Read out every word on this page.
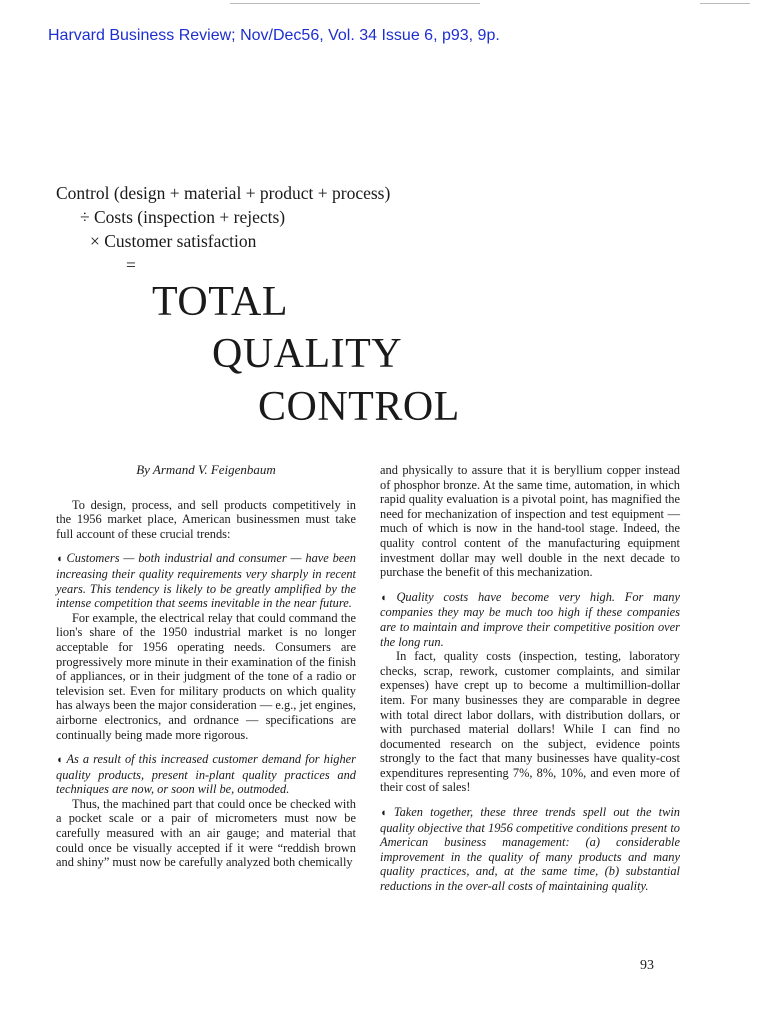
Harvard Business Review; Nov/Dec56, Vol. 34 Issue 6, p93, 9p.
Control (design + material + product + process)
÷ Costs (inspection + rejects)
× Customer satisfaction
=
TOTAL
QUALITY
CONTROL

By Armand V. Feigenbaum

To design, process, and sell products competitively in the 1956 market place, American businessmen must take full account of these crucial trends:

◖ Customers — both industrial and consumer — have been increasing their quality requirements very sharply in recent years. This tendency is likely to be greatly amplified by the intense competition that seems inevitable in the near future.

For example, the electrical relay that could command the lion's share of the 1950 industrial market is no longer acceptable for 1956 operating needs. Consumers are progressively more minute in their examination of the finish of appliances, or in their judgment of the tone of a radio or television set. Even for military products on which quality has always been the major consideration — e.g., jet engines, airborne electronics, and ordnance — specifications are continually being made more rigorous.

◖ As a result of this increased customer demand for higher quality products, present in-plant quality practices and techniques are now, or soon will be, outmoded.

Thus, the machined part that could once be checked with a pocket scale or a pair of micrometers must now be carefully measured with an air gauge; and material that could once be visually accepted if it were “reddish brown and shiny” must now be carefully analyzed both chemically

and physically to assure that it is beryllium copper instead of phosphor bronze. At the same time, automation, in which rapid quality evaluation is a pivotal point, has magnified the need for mechanization of inspection and test equipment — much of which is now in the hand-tool stage. Indeed, the quality control content of the manufacturing equipment investment dollar may well double in the next decade to purchase the benefit of this mechanization.

◖ Quality costs have become very high. For many companies they may be much too high if these companies are to maintain and improve their competitive position over the long run.

In fact, quality costs (inspection, testing, laboratory checks, scrap, rework, customer complaints, and similar expenses) have crept up to become a multimillion-dollar item. For many businesses they are comparable in degree with total direct labor dollars, with distribution dollars, or with purchased material dollars! While I can find no documented research on the subject, evidence points strongly to the fact that many businesses have quality-cost expenditures representing 7%, 8%, 10%, and even more of their cost of sales!

◖ Taken together, these three trends spell out the twin quality objective that 1956 competitive conditions present to American business management: (a) considerable improvement in the quality of many products and many quality practices, and, at the same time, (b) substantial reductions in the over-all costs of maintaining quality.

93
